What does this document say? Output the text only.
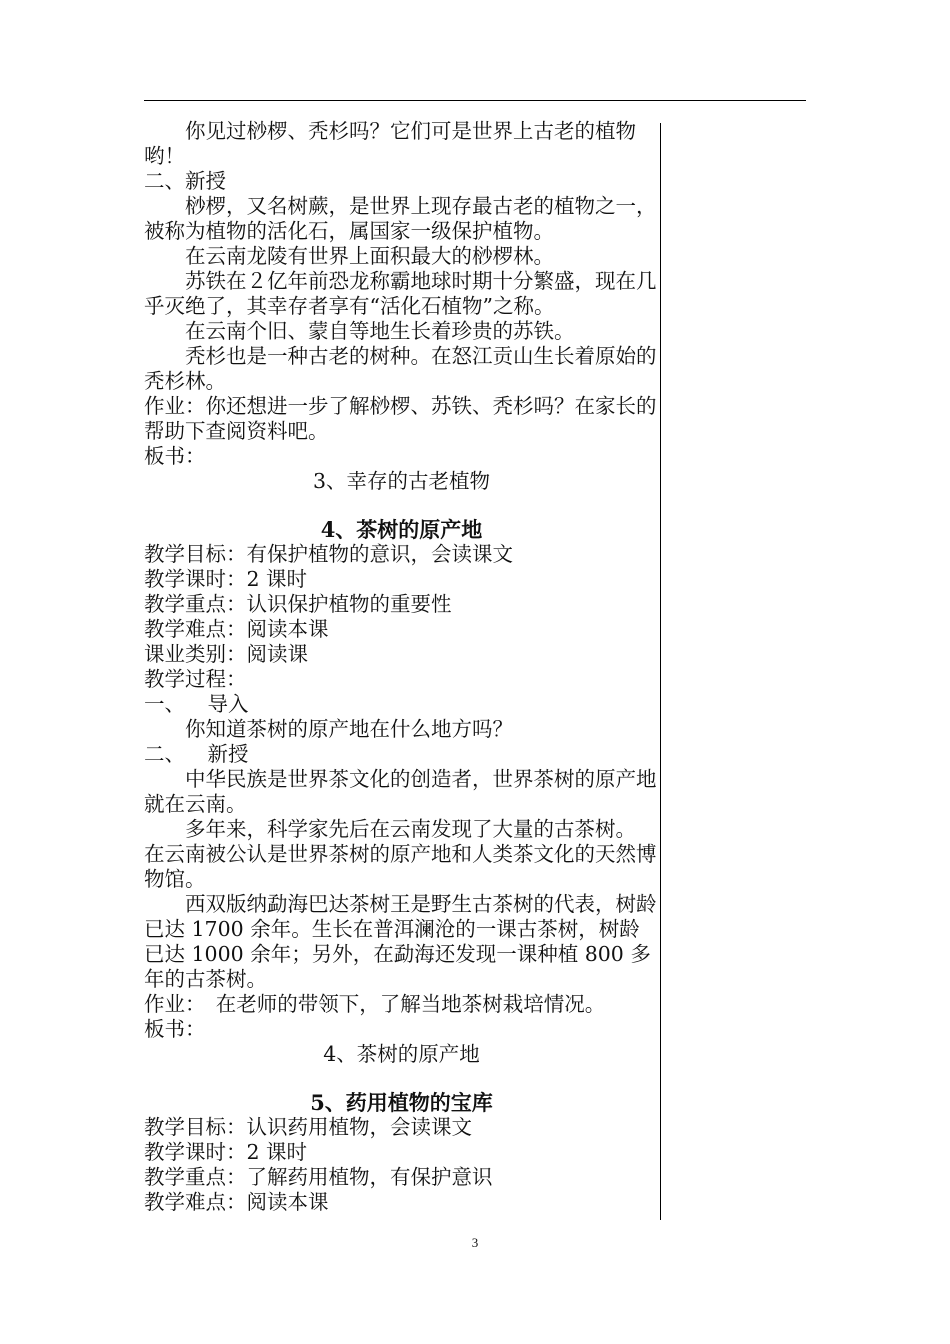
你见过桫椤、秃杉吗？它们可是世界上古老的植物哟！

二、新授

桫椤，又名树蕨，是世界上现存最古老的植物之一，被称为植物的活化石，属国家一级保护植物。

在云南龙陵有世界上面积最大的桫椤林。

苏铁在２亿年前恐龙称霸地球时期十分繁盛，现在几乎灭绝了，其幸存者享有“活化石植物”之称。

在云南个旧、蒙自等地生长着珍贵的苏铁。

秃杉也是一种古老的树种。在怒江贡山生长着原始的秃杉林。

作业：你还想进一步了解桫椤、苏铁、秃杉吗？在家长的帮助下查阅资料吧。

板书：

3、幸存的古老植物

4、茶树的原产地

教学目标：有保护植物的意识，会读课文

教学课时：2 课时

教学重点：认识保护植物的重要性

教学难点：阅读本课

课业类别：阅读课

教学过程：

一、 导入

你知道茶树的原产地在什么地方吗？

二、 新授

中华民族是世界茶文化的创造者，世界茶树的原产地就在云南。

多年来，科学家先后在云南发现了大量的古茶树。

在云南被公认是世界茶树的原产地和人类茶文化的天然博物馆。

西双版纳勐海巴达茶树王是野生古茶树的代表，树龄已达 1700 余年。生长在普洱澜沧的一课古茶树，树龄已达 1000 余年；另外，在勐海还发现一课种植 800 多年的古茶树。

作业：　在老师的带领下，了解当地茶树栽培情况。

板书：

4、茶树的原产地

5、药用植物的宝库

教学目标：认识药用植物，会读课文

教学课时：2 课时

教学重点：了解药用植物，有保护意识

教学难点：阅读本课

3
